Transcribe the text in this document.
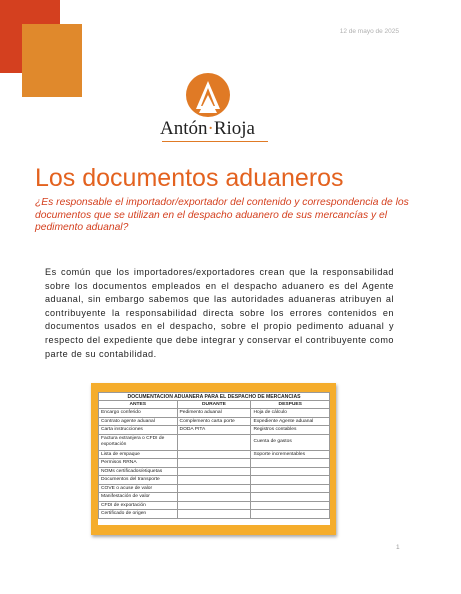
12 de mayo de 2025
Antón·Rioja
Los documentos aduaneros
¿Es responsable el importador/exportador del contenido y correspondencia de los documentos que se utilizan en el despacho aduanero de sus mercancías y el pedimento aduanal?
Es común que los importadores/exportadores crean que la responsabilidad sobre los documentos empleados en el despacho aduanero es del Agente aduanal, sin embargo sabemos que las autoridades aduaneras atribuyen al contribuyente la responsabilidad directa sobre los errores contenidos en documentos usados en el despacho, sobre el propio pedimento aduanal y respecto del expediente que debe integrar y conservar el contribuyente como parte de su contabilidad.
DOCUMENTACION ADUANERA PARA EL DESPACHO DE MERCANCIAS		
ANTES	DURANTE	DESPUES
Encargo conferido	Pedimento aduanal	Hoja de cálculo
Contrato agente aduanal	Complemento carta porte	Expediente Agente aduanal
Carta instrucciones	DODA PITA	Registros contables
Factura extranjera o CFDI de exportación		Cuenta de gastos
Lista de empaque		Soporte incrementables
Permisos RRNA		
NOMs certificados/etiquetas		
Documentos del transporte		
COVE o acuse de valor		
Manifestación de valor		
CFDI de exportación		
Certificado de origen		
1
